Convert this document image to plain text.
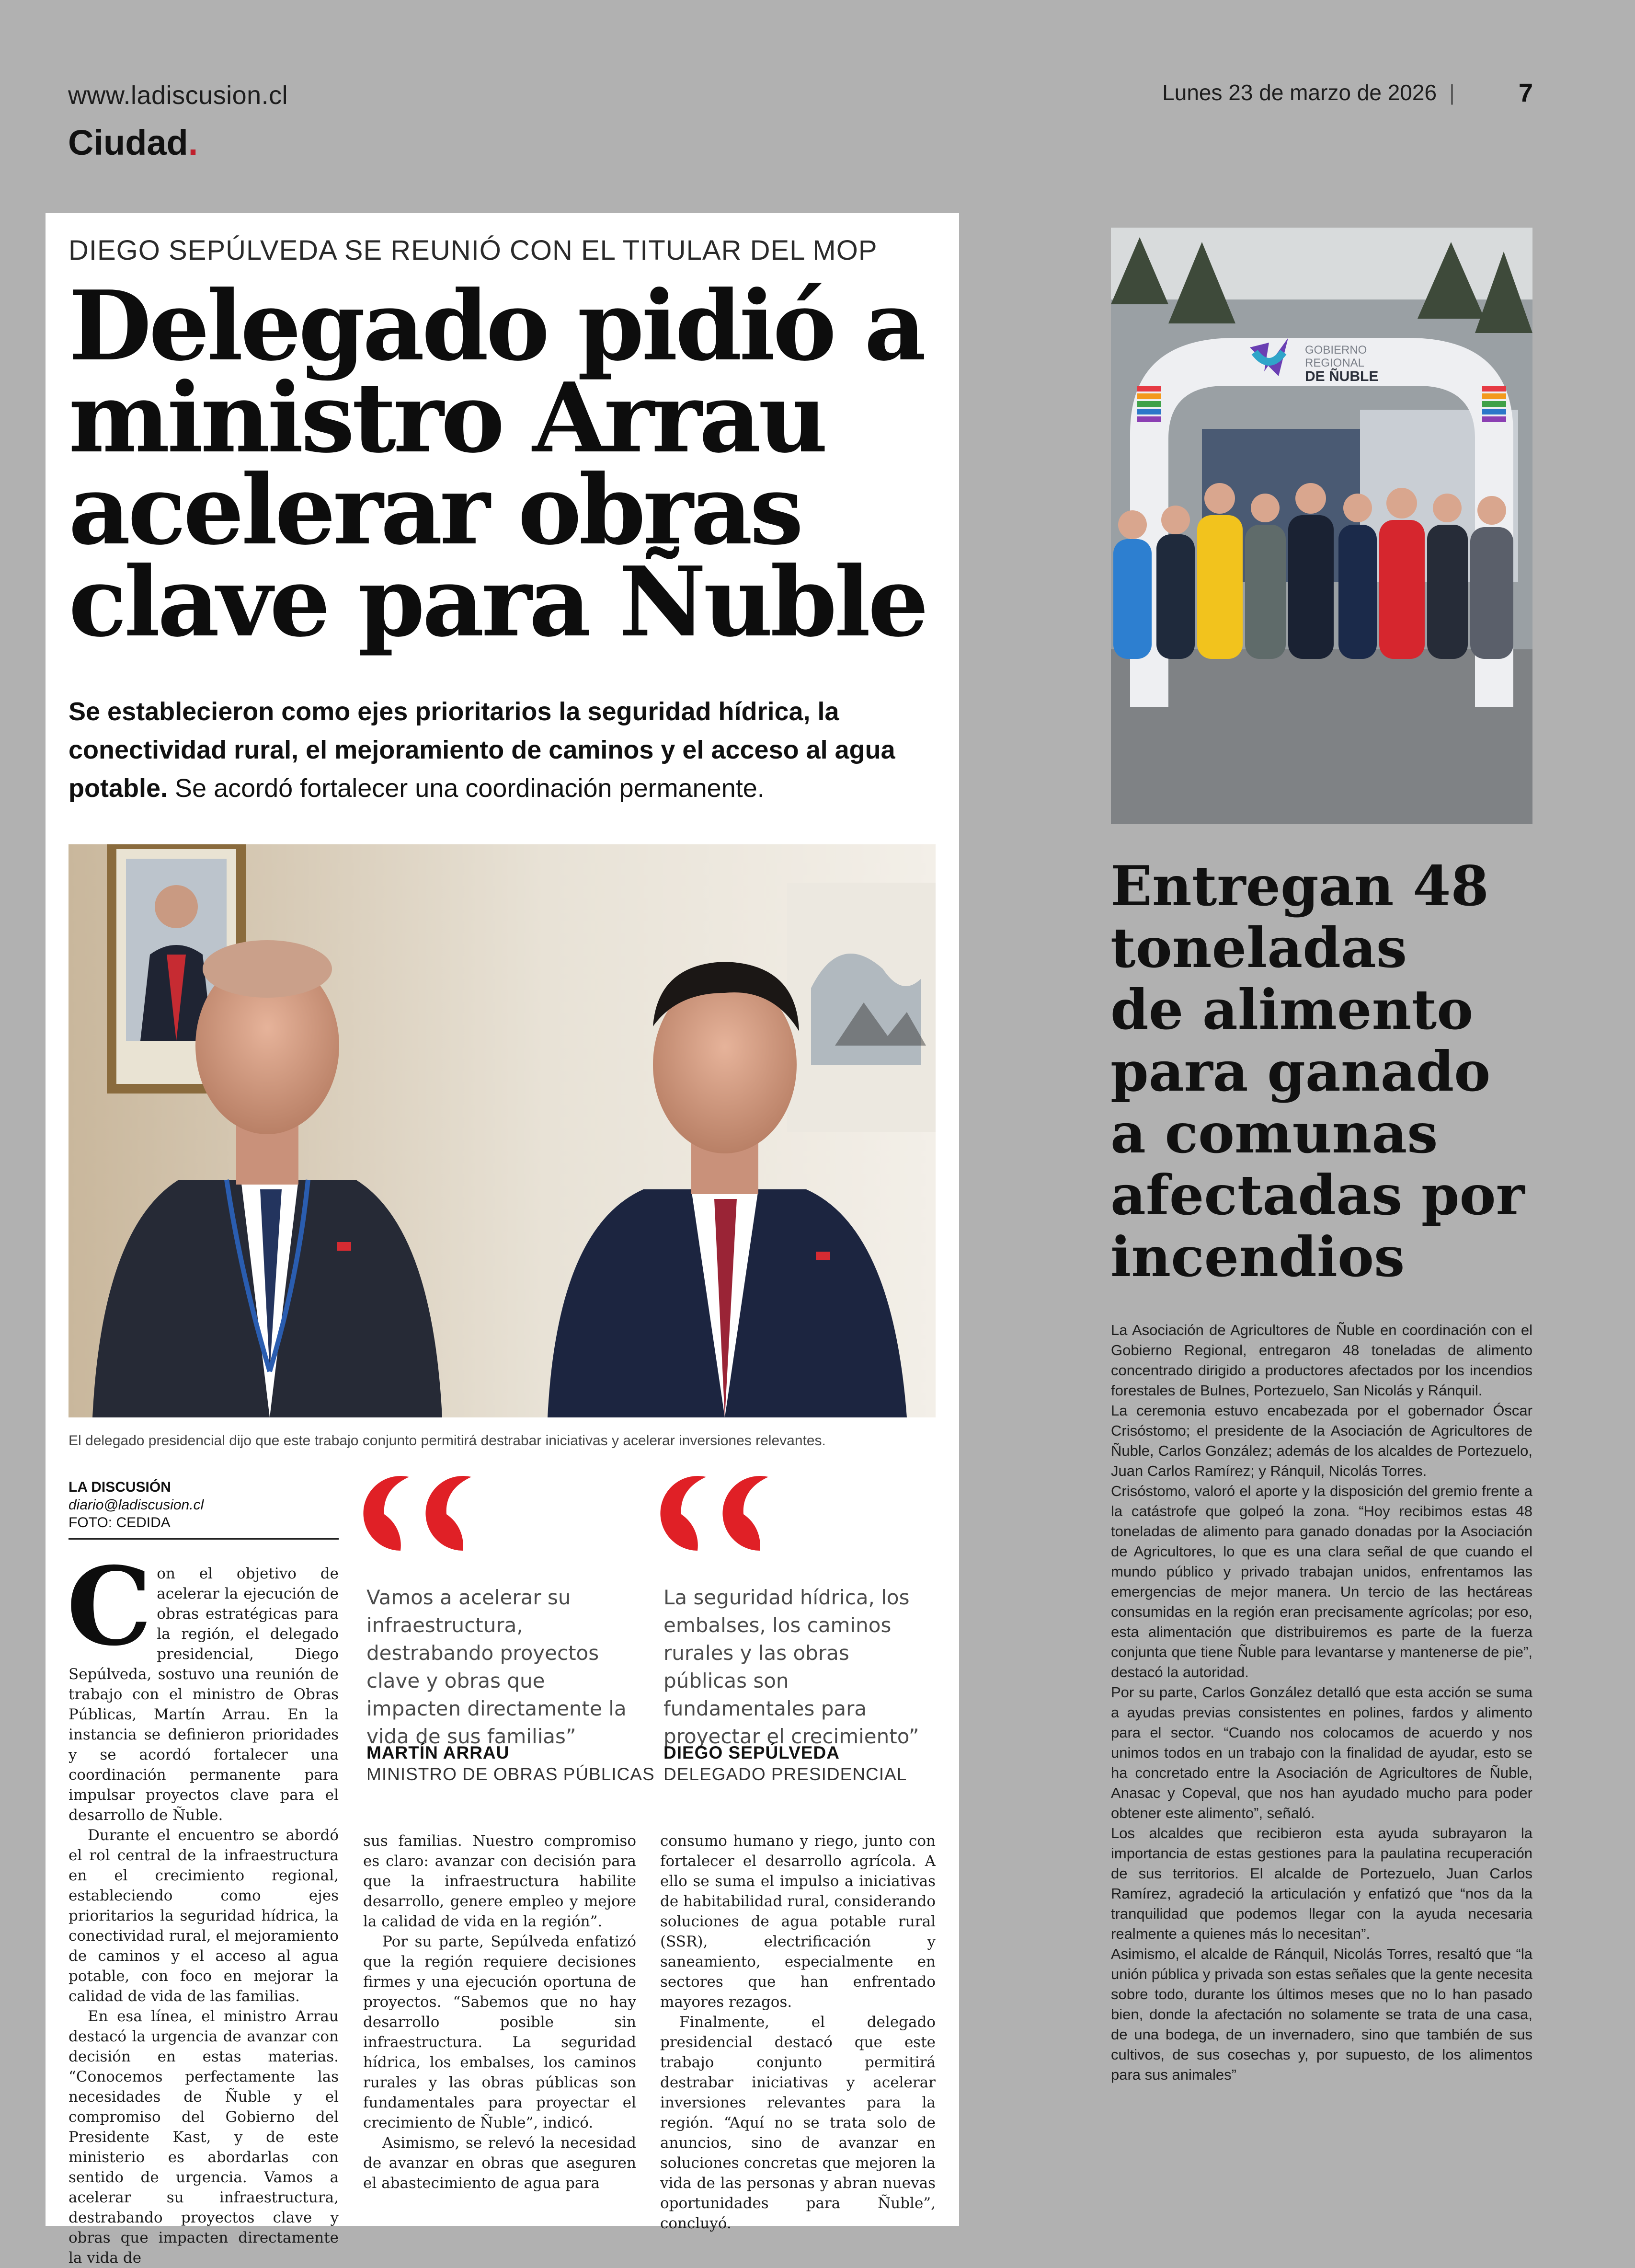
www.ladiscusion.cl
Ciudad.
Lunes 23 de marzo de 2026 |	7
DIEGO SEPÚLVEDA SE REUNIÓ CON EL TITULAR DEL MOP
Delegado pidió a
ministro Arrau
acelerar obras
clave para Ñuble
Se establecieron como ejes prioritarios la seguridad hídrica, la conectividad rural, el mejoramiento de caminos y el acceso al agua potable. Se acordó fortalecer una coordinación permanente.
El delegado presidencial dijo que este trabajo conjunto permitirá destrabar iniciativas y acelerar inversiones relevantes.
LA DISCUSIÓN
diario@ladiscusion.cl
FOTO: CEDIDA
Vamos a acelerar su infraestructura, destrabando proyectos clave y obras que impacten directamente la vida de sus familias”
MARTÍN ARRAU
MINISTRO DE OBRAS PÚBLICAS
La seguridad hídrica, los embalses, los caminos rurales y las obras públicas son fundamentales para proyectar el crecimiento”
DIEGO SEPÚLVEDA
DELEGADO PRESIDENCIAL
C on el objetivo de acelerar la ejecución de obras estratégicas para la región, el delegado presidencial, Diego Sepúlveda, sostuvo una reunión de trabajo con el ministro de Obras Públicas, Martín Arrau. En la instancia se definieron prioridades y se acordó fortalecer una coordinación permanente para impulsar proyectos clave para el desarrollo de Ñuble.

Durante el encuentro se abordó el rol central de la infraestructura en el crecimiento regional, estableciendo como ejes prioritarios la seguridad hídrica, la conectividad rural, el mejoramiento de caminos y el acceso al agua potable, con foco en mejorar la calidad de vida de las familias.

En esa línea, el ministro Arrau destacó la urgencia de avanzar con decisión en estas materias. “Conocemos perfectamente las necesidades de Ñuble y el compromiso del Gobierno del Presidente Kast, y de este ministerio es abordarlas con sentido de urgencia. Vamos a acelerar su infraestructura, destrabando proyectos clave y obras que impacten directamente la vida de

sus familias. Nuestro compromiso es claro: avanzar con decisión para que la infraestructura habilite desarrollo, genere empleo y mejore la calidad de vida en la región”.

Por su parte, Sepúlveda enfatizó que la región requiere decisiones firmes y una ejecución oportuna de proyectos. “Sabemos que no hay desarrollo posible sin infraestructura. La seguridad hídrica, los embalses, los caminos rurales y las obras públicas son fundamentales para proyectar el crecimiento de Ñuble”, indicó.

Asimismo, se relevó la necesidad de avanzar en obras que aseguren el abastecimiento de agua para

consumo humano y riego, junto con fortalecer el desarrollo agrícola. A ello se suma el impulso a iniciativas de habitabilidad rural, considerando soluciones de agua potable rural (SSR), electrificación y saneamiento, especialmente en sectores que han enfrentado mayores rezagos.

Finalmente, el delegado presidencial destacó que este trabajo conjunto permitirá destrabar iniciativas y acelerar inversiones relevantes para la región. “Aquí no se trata solo de anuncios, sino de avanzar en soluciones concretas que mejoren la vida de las personas y abran nuevas oportunidades para Ñuble”, concluyó.

GOBIERNO
REGIONAL
DE ÑUBLE
Entregan 48
toneladas
de alimento
para ganado
a comunas
afectadas por
incendios

La Asociación de Agricultores de Ñuble en coordinación con el Gobierno Regional, entregaron 48 toneladas de alimento concentrado dirigido a productores afectados por los incendios forestales de Bulnes, Portezuelo, San Nicolás y Ránquil.

La ceremonia estuvo encabezada por el gobernador Óscar Crisóstomo; el presidente de la Asociación de Agricultores de Ñuble, Carlos González; además de los alcaldes de Portezuelo, Juan Carlos Ramírez; y Ránquil, Nicolás Torres.

Crisóstomo, valoró el aporte y la disposición del gremio frente a la catástrofe que golpeó la zona. “Hoy recibimos estas 48 toneladas de alimento para ganado donadas por la Asociación de Agricultores, lo que es una clara señal de que cuando el mundo público y privado trabajan unidos, enfrentamos las emergencias de mejor manera. Un tercio de las hectáreas consumidas en la región eran precisamente agrícolas; por eso, esta alimentación que distribuiremos es parte de la fuerza conjunta que tiene Ñuble para levantarse y mantenerse de pie”, destacó la autoridad.

Por su parte, Carlos González detalló que esta acción se suma a ayudas previas consistentes en polines, fardos y alimento para el sector. “Cuando nos colocamos de acuerdo y nos unimos todos en un trabajo con la finalidad de ayudar, esto se ha concretado entre la Asociación de Agricultores de Ñuble, Anasac y Copeval, que nos han ayudado mucho para poder obtener este alimento”, señaló.

Los alcaldes que recibieron esta ayuda subrayaron la importancia de estas gestiones para la paulatina recuperación de sus territorios. El alcalde de Portezuelo, Juan Carlos Ramírez, agradeció la articulación y enfatizó que “nos da la tranquilidad que podemos llegar con la ayuda necesaria realmente a quienes más lo necesitan”.

Asimismo, el alcalde de Ránquil, Nicolás Torres, resaltó que “la unión pública y privada son estas señales que la gente necesita sobre todo, durante los últimos meses que no lo han pasado bien, donde la afectación no solamente se trata de una casa, de una bodega, de un invernadero, sino que también de sus cultivos, de sus cosechas y, por supuesto, de los alimentos para sus animales”
